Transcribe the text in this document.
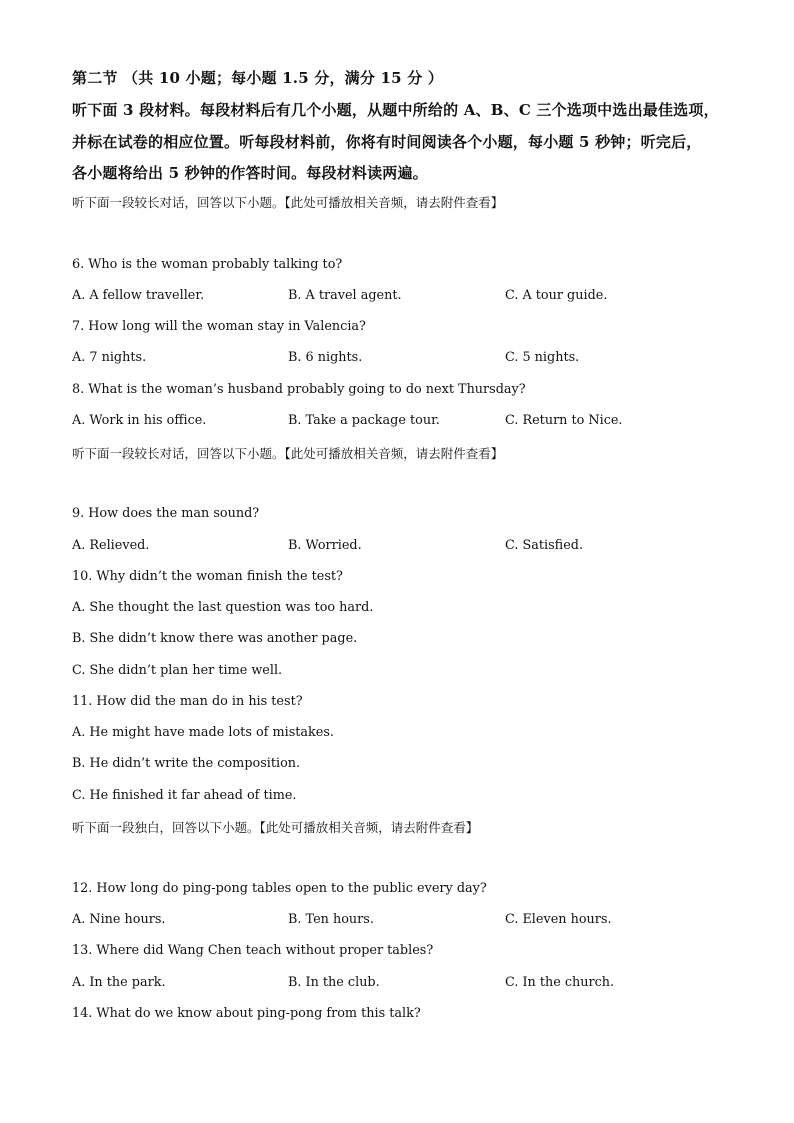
第二节 （共 10 小题；每小题 1.5 分，满分 15 分 ）
听下面 3 段材料。每段材料后有几个小题，从题中所给的 A、B、C 三个选项中选出最佳选项，
并标在试卷的相应位置。听每段材料前，你将有时间阅读各个小题，每小题 5 秒钟；听完后，
各小题将给出 5 秒钟的作答时间。每段材料读两遍。
听下面一段较长对话，回答以下小题。【此处可播放相关音频，请去附件查看】
6. Who is the woman probably talking to?
A. A fellow traveller.	B. A travel agent.	C. A tour guide.
7. How long will the woman stay in Valencia?
A. 7 nights.	B. 6 nights.	C. 5 nights.
8. What is the woman’s husband probably going to do next Thursday?
A. Work in his office.	B. Take a package tour.	C. Return to Nice.
听下面一段较长对话，回答以下小题。【此处可播放相关音频，请去附件查看】
9. How does the man sound?
A. Relieved.	B. Worried.	C. Satisfied.
10. Why didn’t the woman finish the test?
A. She thought the last question was too hard.
B. She didn’t know there was another page.
C. She didn’t plan her time well.
11. How did the man do in his test?
A. He might have made lots of mistakes.
B. He didn’t write the composition.
C. He finished it far ahead of time.
听下面一段独白，回答以下小题。【此处可播放相关音频，请去附件查看】
12. How long do ping-pong tables open to the public every day?
A. Nine hours.	B. Ten hours.	C. Eleven hours.
13. Where did Wang Chen teach without proper tables?
A. In the park.	B. In the club.	C. In the church.
14. What do we know about ping-pong from this talk?
